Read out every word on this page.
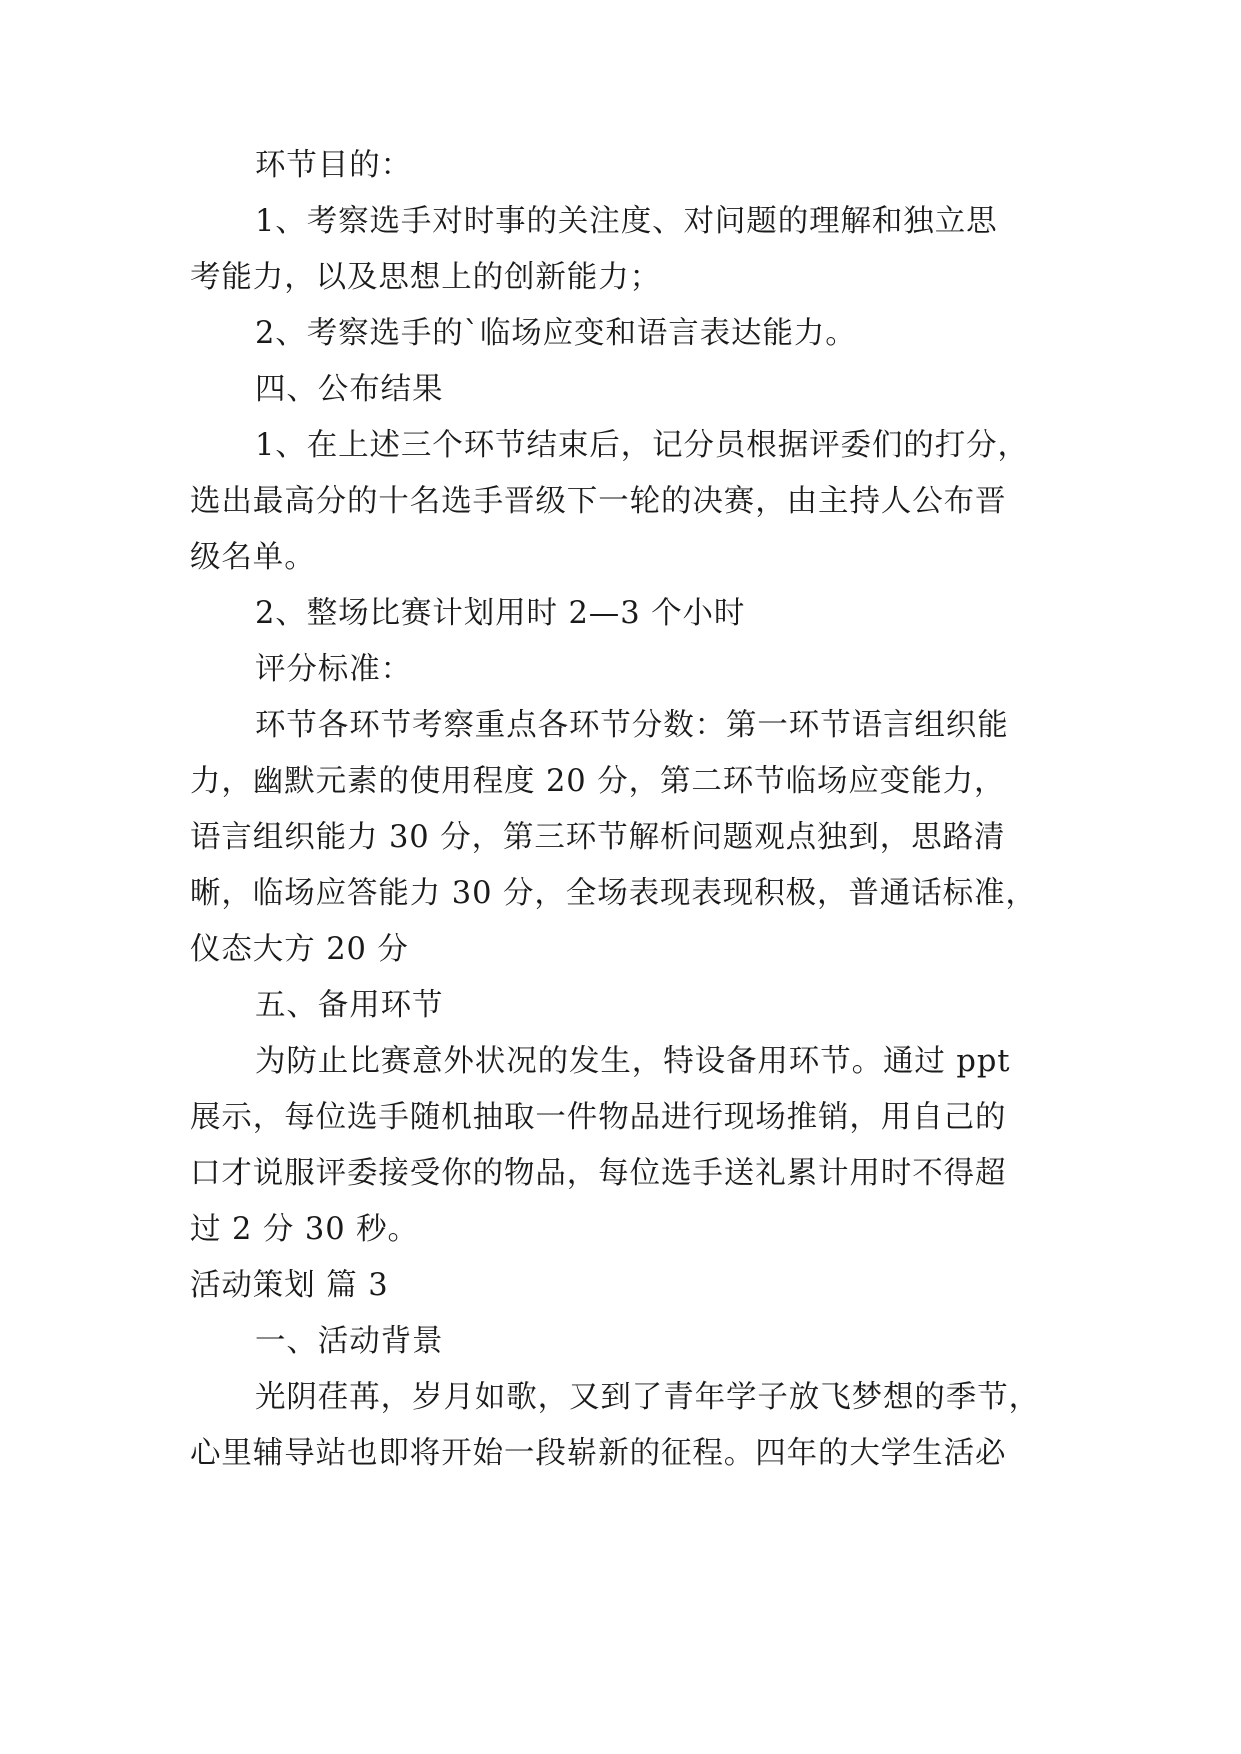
环节目的：

1、考察选手对时事的关注度、对问题的理解和独立思

考能力，以及思想上的创新能力；

2、考察选手的`临场应变和语言表达能力。

四、公布结果

1、在上述三个环节结束后，记分员根据评委们的打分，

选出最高分的十名选手晋级下一轮的决赛，由主持人公布晋

级名单。

2、整场比赛计划用时 2—3 个小时

评分标准：

环节各环节考察重点各环节分数：第一环节语言组织能

力，幽默元素的使用程度 20 分，第二环节临场应变能力，

语言组织能力 30 分，第三环节解析问题观点独到，思路清

晰，临场应答能力 30 分，全场表现表现积极，普通话标准，

仪态大方 20 分

五、备用环节

为防止比赛意外状况的发生，特设备用环节。通过 ppt

展示，每位选手随机抽取一件物品进行现场推销，用自己的

口才说服评委接受你的物品，每位选手送礼累计用时不得超

过 2 分 30 秒。

活动策划 篇 3

一、活动背景

光阴荏苒，岁月如歌，又到了青年学子放飞梦想的季节，

心里辅导站也即将开始一段崭新的征程。四年的大学生活必
